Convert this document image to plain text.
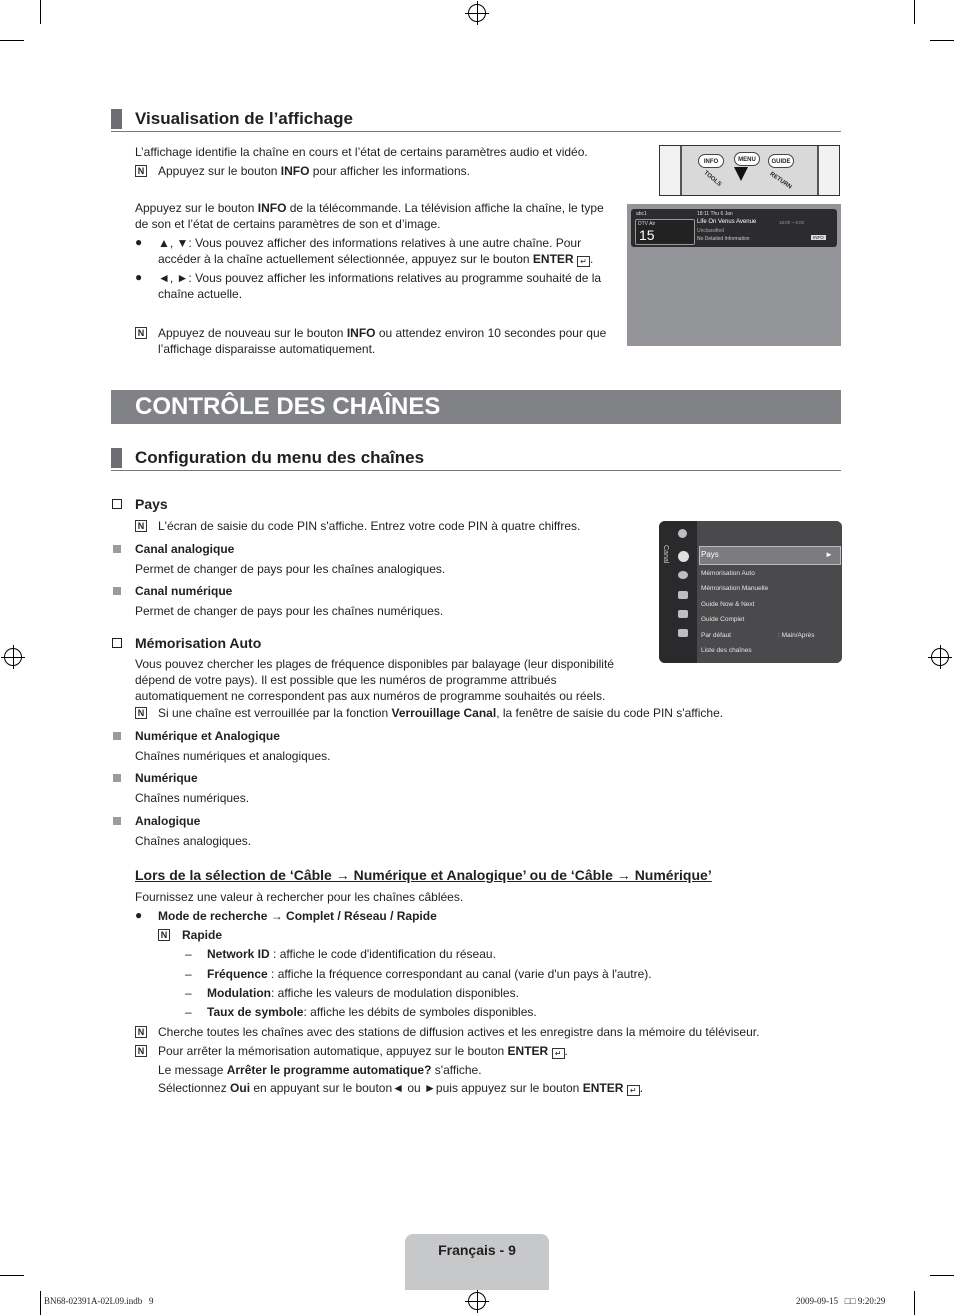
Visualisation de l’affichage
L’affichage identifie la chaîne en cours et l’état de certains paramètres audio et vidéo.
N Appuyez sur le bouton INFO pour afficher les informations.
Appuyez sur le bouton INFO de la télécommande. La télévision affiche la chaîne, le type de son et l’état de certains paramètres de son et d’image.
● ▲, ▼: Vous pouvez afficher des informations relatives à une autre chaîne. Pour
accéder à la chaîne actuellement sélectionnée, appuyez sur le bouton ENTER ↵ .
● ◄, ►: Vous pouvez afficher les informations relatives au programme souhaité de la chaîne actuelle.
N Appuyez de nouveau sur le bouton INFO ou attendez environ 10 secondes pour que l’affichage disparaisse automatiquement.
INFO	MENU	GUIDE
TOOLS	RETURN
abc1
DTV Air
15
18:11 Thu 6 Jan
Life On Venus Avenue
Unclassified
No Detailed Information
18:00 ~ 6:00
INFO
CONTRÔLE DES CHAÎNES
Configuration du menu des chaînes
Pays
N L'écran de saisie du code PIN s'affiche. Entrez votre code PIN à quatre chiffres.
Canal analogique
Permet de changer de pays pour les chaînes analogiques.
Canal numérique
Permet de changer de pays pour les chaînes numériques.
Mémorisation Auto
Vous pouvez chercher les plages de fréquence disponibles par balayage (leur disponibilité
dépend de votre pays). Il est possible que les numéros de programme attribués
automatiquement ne correspondent pas aux numéros de programme souhaités ou réels.
N Si une chaîne est verrouillée par la fonction Verrouillage Canal, la fenêtre de saisie du code PIN s'affiche.
Numérique et Analogique
Chaînes numériques et analogiques.
Numérique
Chaînes numériques.
Analogique
Chaînes analogiques.
Canal	Pays	►
Mémorisation Auto
Mémorisation Manuelle
Guide Now & Next
Guide Complet
Par défaut	: Main/Après
Liste des chaînes
Lors de la sélection de ‘Câble → Numérique et Analogique’ ou de ‘Câble → Numérique’
Fournissez une valeur à rechercher pour les chaînes câblées.
● Mode de recherche → Complet / Réseau / Rapide
N Rapide
– Network ID : affiche le code d'identification du réseau.
– Fréquence : affiche la fréquence correspondant au canal (varie d'un pays à l'autre).
– Modulation: affiche les valeurs de modulation disponibles.
– Taux de symbole: affiche les débits de symboles disponibles.
N Cherche toutes les chaînes avec des stations de diffusion actives et les enregistre dans la mémoire du téléviseur.
N Pour arrêter la mémorisation automatique, appuyez sur le bouton ENTER ↵ .
Le message Arrêter le programme automatique? s'affiche.
Sélectionnez Oui en appuyant sur le bouton◄ ou ►puis appuyez sur le bouton ENTER ↵ .
Français - 9
BN68-02391A-02L09.indb   9	2009-09-15   □□ 9:20:29
